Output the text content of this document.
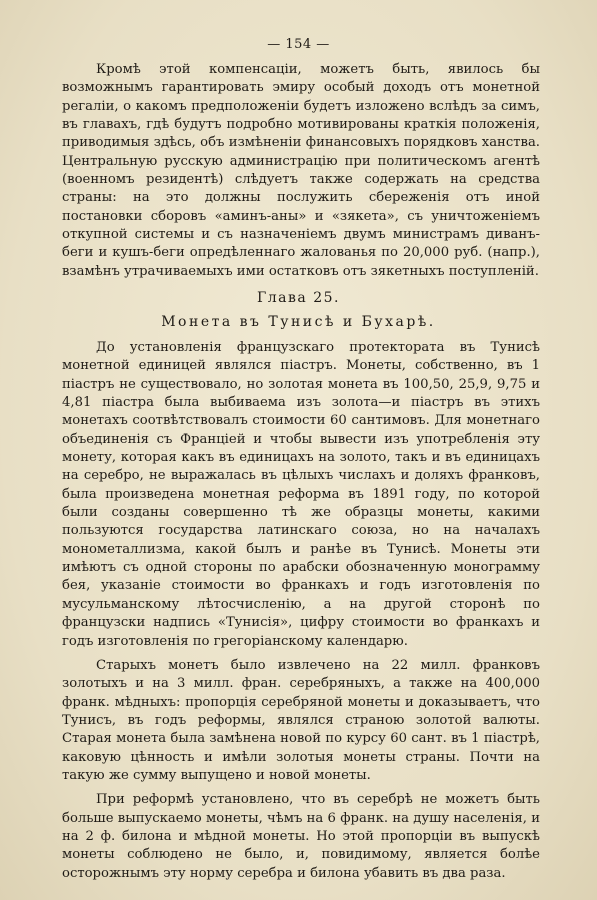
— 154 —

Кромѣ этой компенсаціи, можетъ быть, явилось бы возможнымъ гарантировать эмиру особый доходъ отъ монетной регаліи, о какомъ предположеніи будетъ изложено вслѣдъ за симъ, въ главахъ, гдѣ будутъ подробно мотивированы краткія положенія, приводимыя здѣсь, объ измѣненіи финансовыхъ порядковъ ханства. Центральную русскую администрацію при политическомъ агентѣ (военномъ резидентѣ) слѣдуетъ также содержать на средства страны: на это должны послужить сбереженія отъ иной постановки сборовъ «аминъ-аны» и «зякета», съ уничтоженіемъ откупной системы и съ назначеніемъ двумъ министрамъ диванъ-беги и кушъ-беги опредѣленнаго жалованья по 20,000 руб. (напр.), взамѣнъ утрачиваемыхъ ими остатковъ отъ зякетныхъ поступленій.

Глава 25.
Монета въ Тунисѣ и Бухарѣ.

До установленія французскаго протектората въ Тунисѣ монетной единицей являлся піастръ. Монеты, собственно, въ 1 піастръ не существовало, но золотая монета въ 100,50, 25,9, 9,75 и 4,81 піастра была выбиваема изъ золота—и піастръ въ этихъ монетахъ соотвѣтствовалъ стоимости 60 сантимовъ. Для монетнаго объединенія съ Франціей и чтобы вывести изъ употребленія эту монету, которая какъ въ единицахъ на золото, такъ и въ единицахъ на серебро, не выражалась въ цѣлыхъ числахъ и доляхъ франковъ, была произведена монетная реформа въ 1891 году, по которой были созданы совершенно тѣ же образцы монеты, какими пользуются государства латинскаго союза, но на началахъ монометаллизма, какой былъ и ранѣе въ Тунисѣ. Монеты эти имѣютъ съ одной стороны по арабски обозначенную монограмму бея, указаніе стоимости во франкахъ и годъ изготовленія по мусульманскому лѣтосчисленію, а на другой сторонѣ по французски надпись «Тунисія», цифру стоимости во франкахъ и годъ изготовленія по грегоріанскому календарю.

Старыхъ монетъ было извлечено на 22 милл. франковъ золотыхъ и на 3 милл. фран. серебряныхъ, а также на 400,000 франк. мѣдныхъ: пропорція серебряной монеты и доказываетъ, что Тунисъ, въ годъ реформы, являлся страною золотой валюты. Старая монета была замѣнена новой по курсу 60 сант. въ 1 піастрѣ, каковую цѣнность и имѣли золотыя монеты страны. Почти на такую же сумму выпущено и новой монеты.

При реформѣ установлено, что въ серебрѣ не можетъ быть больше выпускаемо монеты, чѣмъ на 6 франк. на душу населенія, и на 2 ф. билона и мѣдной монеты. Но этой пропорціи въ выпускѣ монеты соблюдено не было, и, повидимому, является болѣе осторожнымъ эту норму серебра и билона убавить въ два раза.
